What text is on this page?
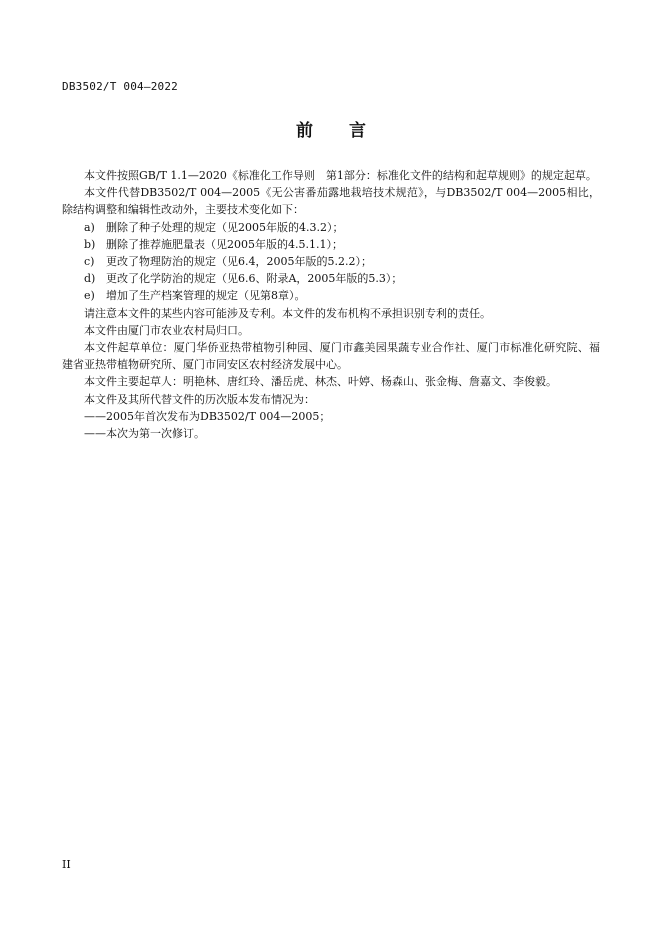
DB3502/T 004—2022
前言

本文件按照GB/T 1.1—2020《标准化工作导则　第1部分：标准化文件的结构和起草规则》的规定起草。

本文件代替DB3502/T 004—2005《无公害番茄露地栽培技术规范》，与DB3502/T 004—2005相比，除结构调整和编辑性改动外，主要技术变化如下：

a)	删除了种子处理的规定（见2005年版的4.3.2）；
b) 删除了推荐施肥量表（见2005年版的4.5.1.1）；
c)	更改了物理防治的规定（见6.4，2005年版的5.2.2）；
d) 更改了化学防治的规定（见6.6、附录A，2005年版的5.3）；
e)	增加了生产档案管理的规定（见第8章）。

请注意本文件的某些内容可能涉及专利。本文件的发布机构不承担识别专利的责任。

本文件由厦门市农业农村局归口。

本文件起草单位：厦门华侨亚热带植物引种园、厦门市鑫美园果蔬专业合作社、厦门市标准化研究院、福建省亚热带植物研究所、厦门市同安区农村经济发展中心。

本文件主要起草人：明艳林、唐红玲、潘岳虎、林杰、叶婷、杨森山、张金梅、詹嘉文、李俊毅。

本文件及其所代替文件的历次版本发布情况为：

——2005年首次发布为DB3502/T 004—2005；

——本次为第一次修订。

II
